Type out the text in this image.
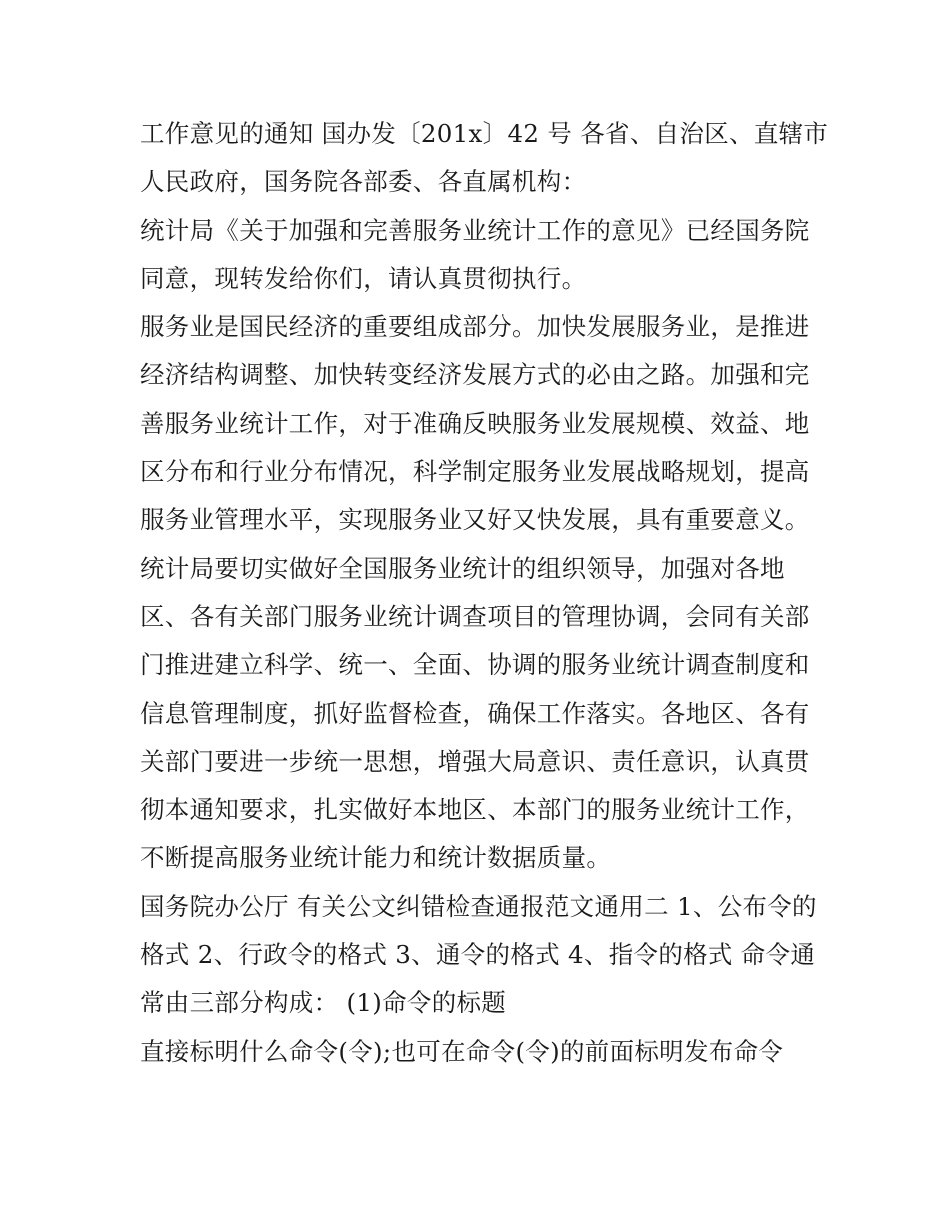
工作意见的通知 国办发〔201x〕42 号 各省、自治区、直辖市
人民政府，国务院各部委、各直属机构：
统计局《关于加强和完善服务业统计工作的意见》已经国务院
同意，现转发给你们，请认真贯彻执行。
服务业是国民经济的重要组成部分。加快发展服务业，是推进
经济结构调整、加快转变经济发展方式的必由之路。加强和完
善服务业统计工作，对于准确反映服务业发展规模、效益、地
区分布和行业分布情况，科学制定服务业发展战略规划，提高
服务业管理水平，实现服务业又好又快发展，具有重要意义。
统计局要切实做好全国服务业统计的组织领导，加强对各地
区、各有关部门服务业统计调查项目的管理协调，会同有关部
门推进建立科学、统一、全面、协调的服务业统计调查制度和
信息管理制度，抓好监督检查，确保工作落实。各地区、各有
关部门要进一步统一思想，增强大局意识、责任意识，认真贯
彻本通知要求，扎实做好本地区、本部门的服务业统计工作，
不断提高服务业统计能力和统计数据质量。
国务院办公厅 有关公文纠错检查通报范文通用二 1、公布令的
格式 2、行政令的格式 3、通令的格式 4、指令的格式 命令通
常由三部分构成： (1)命令的标题
直接标明什么命令(令);也可在命令(令)的前面标明发布命令
